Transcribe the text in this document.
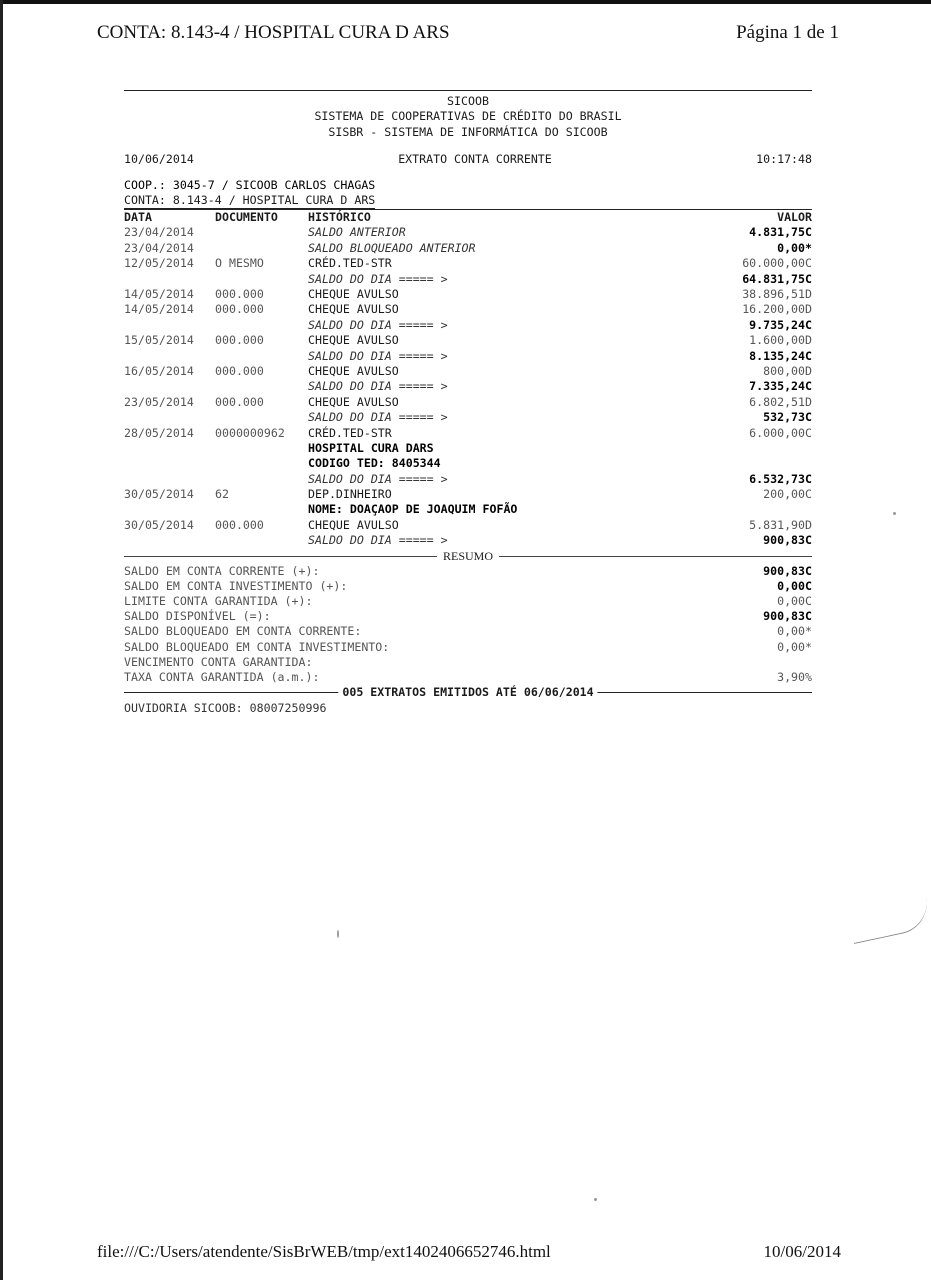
CONTA: 8.143-4 / HOSPITAL CURA D ARS	Página 1 de 1
SICOOB
SISTEMA DE COOPERATIVAS DE CRÉDITO DO BRASIL
SISBR - SISTEMA DE INFORMÁTICA DO SICOOB
10/06/2014	EXTRATO CONTA CORRENTE	10:17:48
COOP.: 3045-7 / SICOOB CARLOS CHAGAS
CONTA: 8.143-4 / HOSPITAL CURA D ARS
DATA	DOCUMENTO	HISTÓRICO	VALOR
23/04/2014	SALDO ANTERIOR	4.831,75C
23/04/2014	SALDO BLOQUEADO ANTERIOR	0,00*
12/05/2014 O MESMO	CRÉD.TED-STR	60.000,00C
SALDO DO DIA ===== >	64.831,75C
14/05/2014 000.000	CHEQUE AVULSO	38.896,51D
14/05/2014 000.000	CHEQUE AVULSO	16.200,00D
SALDO DO DIA ===== >	9.735,24C
15/05/2014 000.000	CHEQUE AVULSO	1.600,00D
SALDO DO DIA ===== >	8.135,24C
16/05/2014 000.000	CHEQUE AVULSO	800,00D
SALDO DO DIA ===== >	7.335,24C
23/05/2014 000.000	CHEQUE AVULSO	6.802,51D
SALDO DO DIA ===== >	532,73C
28/05/2014 0000000962 CRÉD.TED-STR	6.000,00C
HOSPITAL CURA DARS
CODIGO TED: 8405344
SALDO DO DIA ===== >	6.532,73C
30/05/2014 62	DEP.DINHEIRO	200,00C
NOME: DOAÇAOP DE JOAQUIM FOFÃO
30/05/2014 000.000	CHEQUE AVULSO	5.831,90D
SALDO DO DIA ===== >	900,83C
RESUMO
SALDO EM CONTA CORRENTE (+):	900,83C
SALDO EM CONTA INVESTIMENTO (+):	0,00C
LIMITE CONTA GARANTIDA (+):	0,00C
SALDO DISPONÍVEL (=):	900,83C
SALDO BLOQUEADO EM CONTA CORRENTE:	0,00*
SALDO BLOQUEADO EM CONTA INVESTIMENTO:	0,00*
VENCIMENTO CONTA GARANTIDA:
TAXA CONTA GARANTIDA (a.m.):	3,90%
005 EXTRATOS EMITIDOS ATÉ 06/06/2014
OUVIDORIA SICOOB: 08007250996
file:///C:/Users/atendente/SisBrWEB/tmp/ext1402406652746.html	10/06/2014
